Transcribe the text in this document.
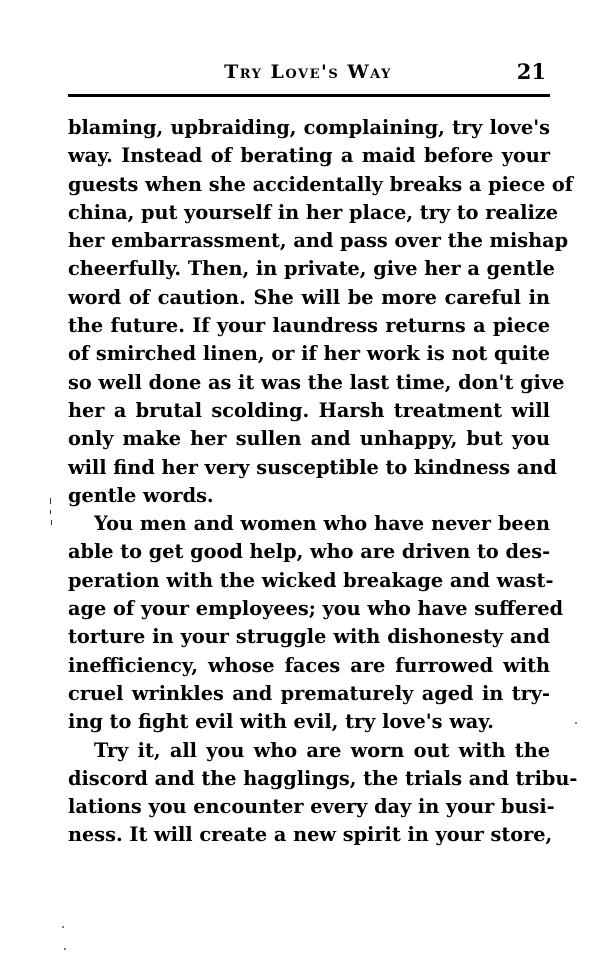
Try Love's Way	21
blaming, upbraiding, complaining, try love's
way. Instead of berating a maid before your
guests when she accidentally breaks a piece of
china, put yourself in her place, try to realize
her embarrassment, and pass over the mishap
cheerfully. Then, in private, give her a gentle
word of caution. She will be more careful in
the future. If your laundress returns a piece
of smirched linen, or if her work is not quite
so well done as it was the last time, don't give
her a brutal scolding. Harsh treatment will
only make her sullen and unhappy, but you
will find her very susceptible to kindness and
gentle words.
You men and women who have never been
able to get good help, who are driven to des-
peration with the wicked breakage and wast-
age of your employees; you who have suffered
torture in your struggle with dishonesty and
inefficiency, whose faces are furrowed with
cruel wrinkles and prematurely aged in try-
ing to fight evil with evil, try love's way.
Try it, all you who are worn out with the
discord and the hagglings, the trials and tribu-
lations you encounter every day in your busi-
ness. It will create a new spirit in your store,
